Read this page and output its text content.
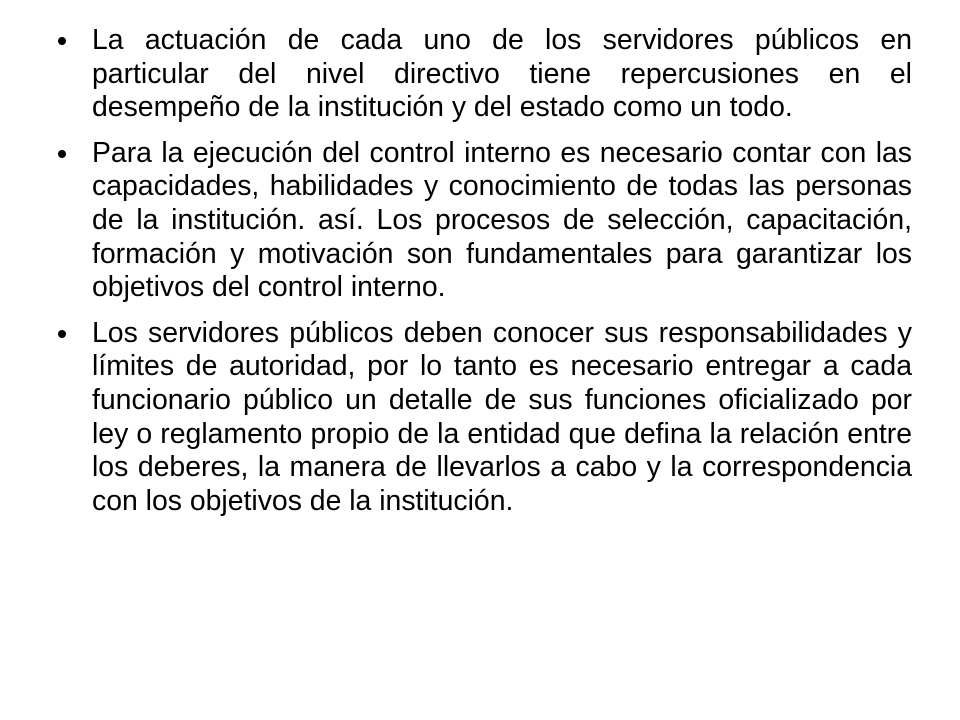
La actuación de cada uno de los servidores públicos en particular del nivel directivo tiene repercusiones en el desempeño de la institución y del estado como un todo.
Para la ejecución del control interno es necesario contar con las capacidades, habilidades y conocimiento de todas las personas de la institución. así. Los procesos de selección, capacitación, formación y motivación son fundamentales para garantizar los objetivos del control interno.
Los servidores públicos deben conocer sus responsabilidades y límites de autoridad, por lo tanto es necesario entregar a cada funcionario público un detalle de sus funciones oficializado por ley o reglamento propio de la entidad que defina la relación entre los deberes, la manera de llevarlos a cabo y la correspondencia con los objetivos de la institución.
